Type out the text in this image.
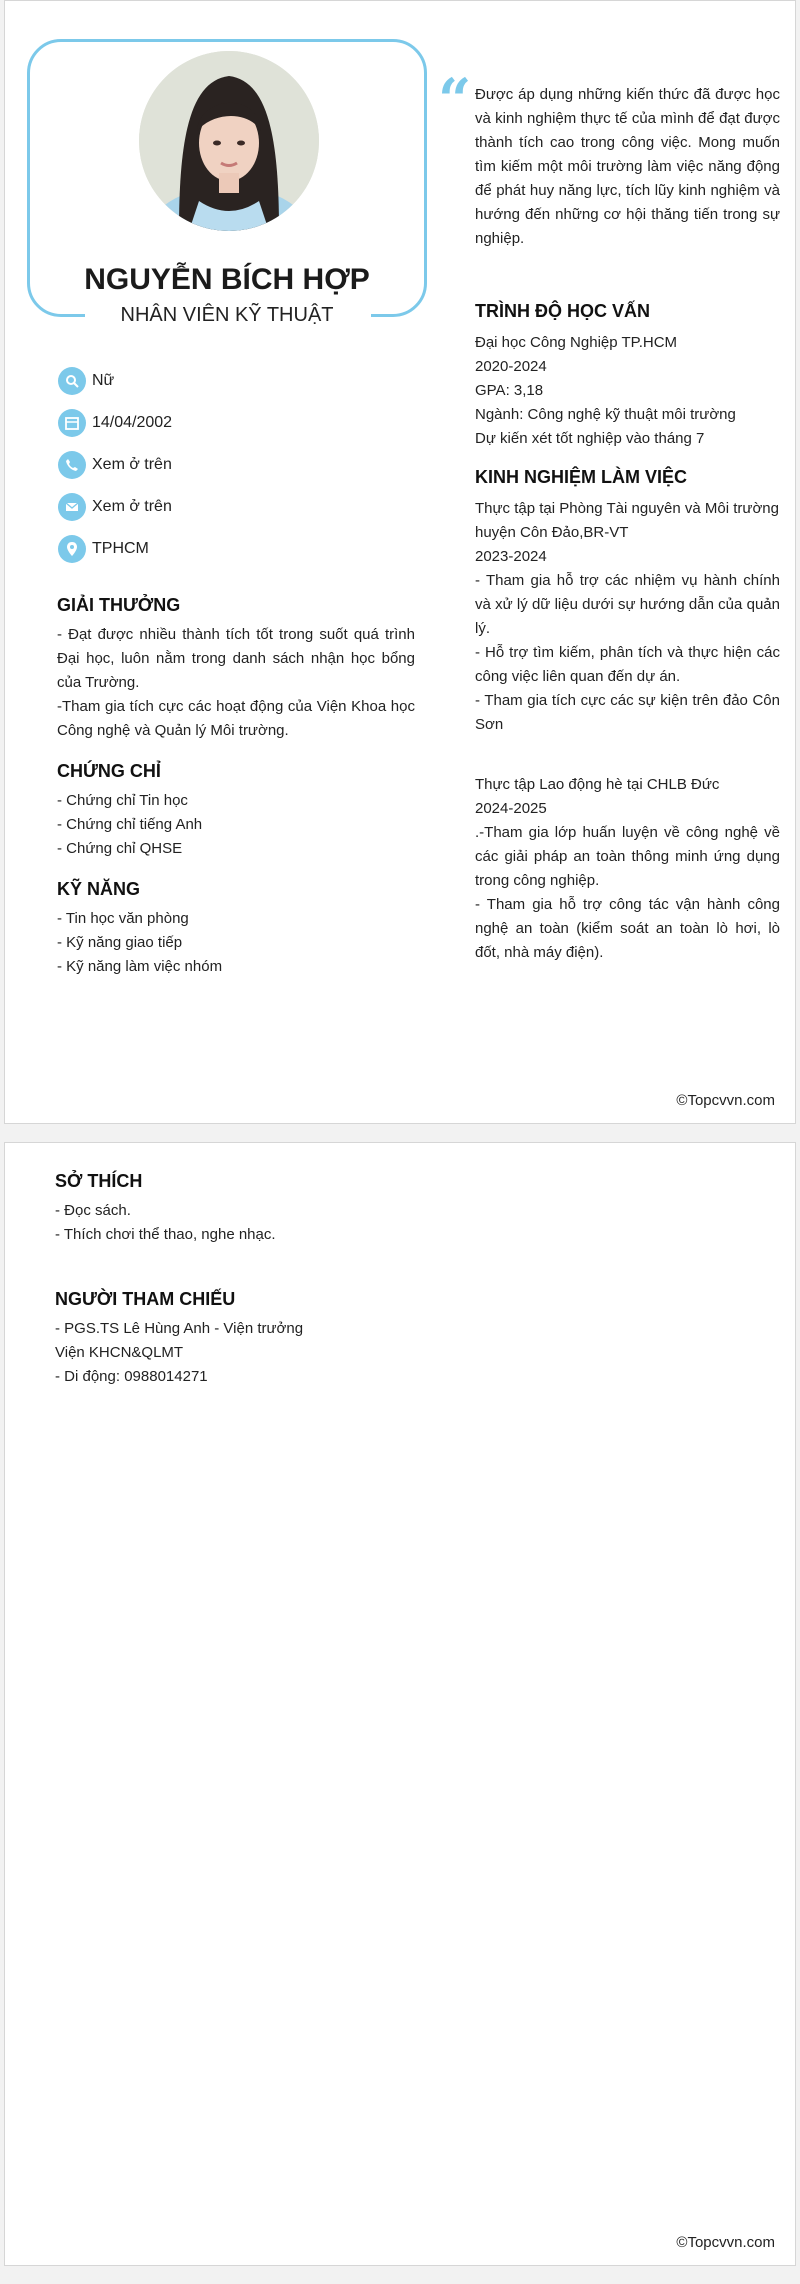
NGUYỄN BÍCH HỢP
NHÂN VIÊN KỸ THUẬT
“ Được áp dụng những kiến thức đã được học và kinh nghiệm thực tế của mình để đạt được thành tích cao trong công việc. Mong muốn tìm kiếm một môi trường làm việc năng động để phát huy năng lực, tích lũy kinh nghiệm và hướng đến những cơ hội thăng tiến trong sự nghiệp.
Nữ
14/04/2002
Xem ở trên
Xem ở trên
TPHCM
GIẢI THƯỞNG
- Đạt được nhiều thành tích tốt trong suốt quá trình Đại học, luôn nằm trong danh sách nhận học bổng của Trường.
-Tham gia tích cực các hoạt động của Viện Khoa học Công nghệ và Quản lý Môi trường.
CHỨNG CHỈ
- Chứng chỉ Tin học
- Chứng chỉ tiếng Anh
- Chứng chỉ QHSE
KỸ NĂNG
- Tin học văn phòng
- Kỹ năng giao tiếp
- Kỹ năng làm việc nhóm
TRÌNH ĐỘ HỌC VẤN
Đại học Công Nghiệp TP.HCM
2020-2024
GPA: 3,18
Ngành: Công nghệ kỹ thuật môi trường
Dự kiến xét tốt nghiệp vào tháng 7
KINH NGHIỆM LÀM VIỆC
Thực tập tại Phòng Tài nguyên và Môi trường huyện Côn Đảo,BR-VT
2023-2024
- Tham gia hỗ trợ các nhiệm vụ hành chính và xử lý dữ liệu dưới sự hướng dẫn của quản lý.
- Hỗ trợ tìm kiếm, phân tích và thực hiện các công việc liên quan đến dự án.
- Tham gia tích cực các sự kiện trên đảo Côn Sơn
Thực tập Lao động hè tại CHLB Đức
2024-2025
.-Tham gia lớp huấn luyện về công nghệ về các giải pháp an toàn thông minh ứng dụng trong công nghiệp.
- Tham gia hỗ trợ công tác vận hành công nghệ an toàn (kiểm soát an toàn lò hơi, lò đốt, nhà máy điện).
©Topcvvn.com
SỞ THÍCH
- Đọc sách.
- Thích chơi thể thao, nghe nhạc.
NGƯỜI THAM CHIẾU
- PGS.TS Lê Hùng Anh - Viện trưởng
Viện KHCN&QLMT
- Di động: 0988014271
©Topcvvn.com
